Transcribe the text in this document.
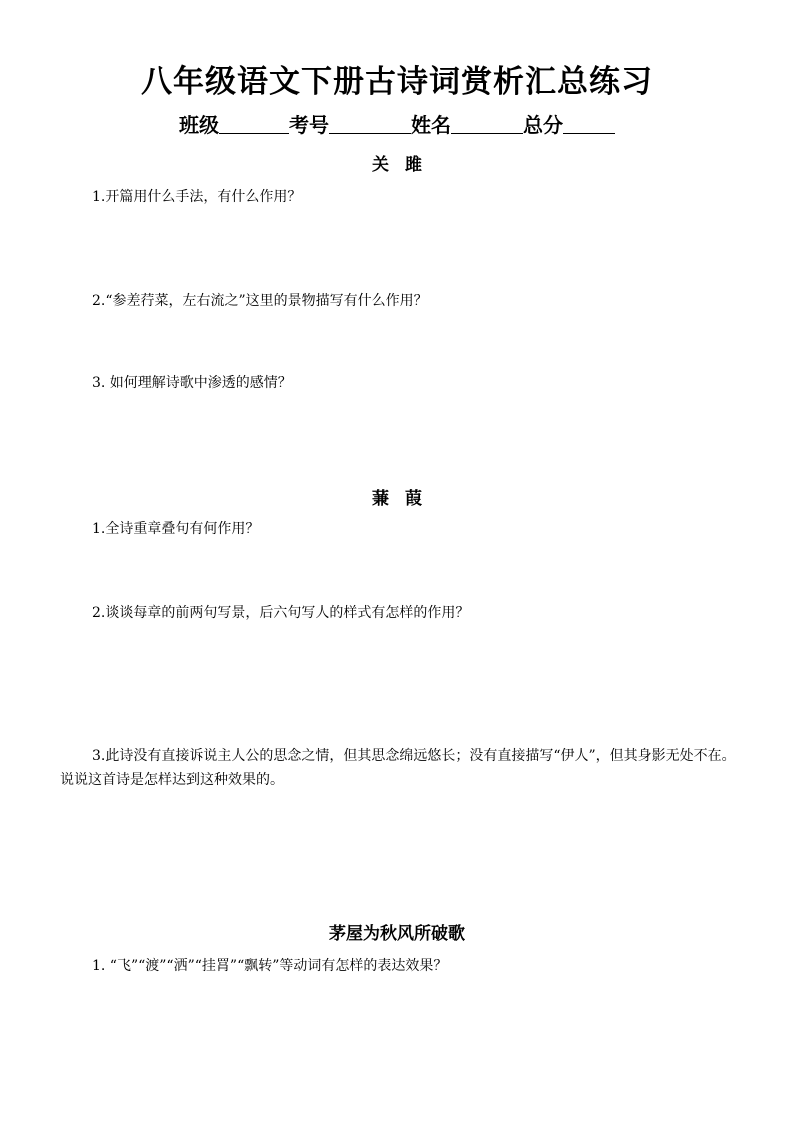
八年级语文下册古诗词赏析汇总练习
班级	考号	姓名	总分
关雎
1.开篇用什么手法，有什么作用？
2.“参差荇菜，左右流之”这里的景物描写有什么作用？
3. 如何理解诗歌中渗透的感情？
蒹葭
1.全诗重章叠句有何作用？
2.谈谈每章的前两句写景，后六句写人的样式有怎样的作用？
3.此诗没有直接诉说主人公的思念之情，但其思念绵远悠长；没有直接描写“伊人”，但其身影无处不在。说说这首诗是怎样达到这种效果的。
茅屋为秋风所破歌
1. “飞”“渡”“洒”“挂罥”“飘转”等动词有怎样的表达效果？
